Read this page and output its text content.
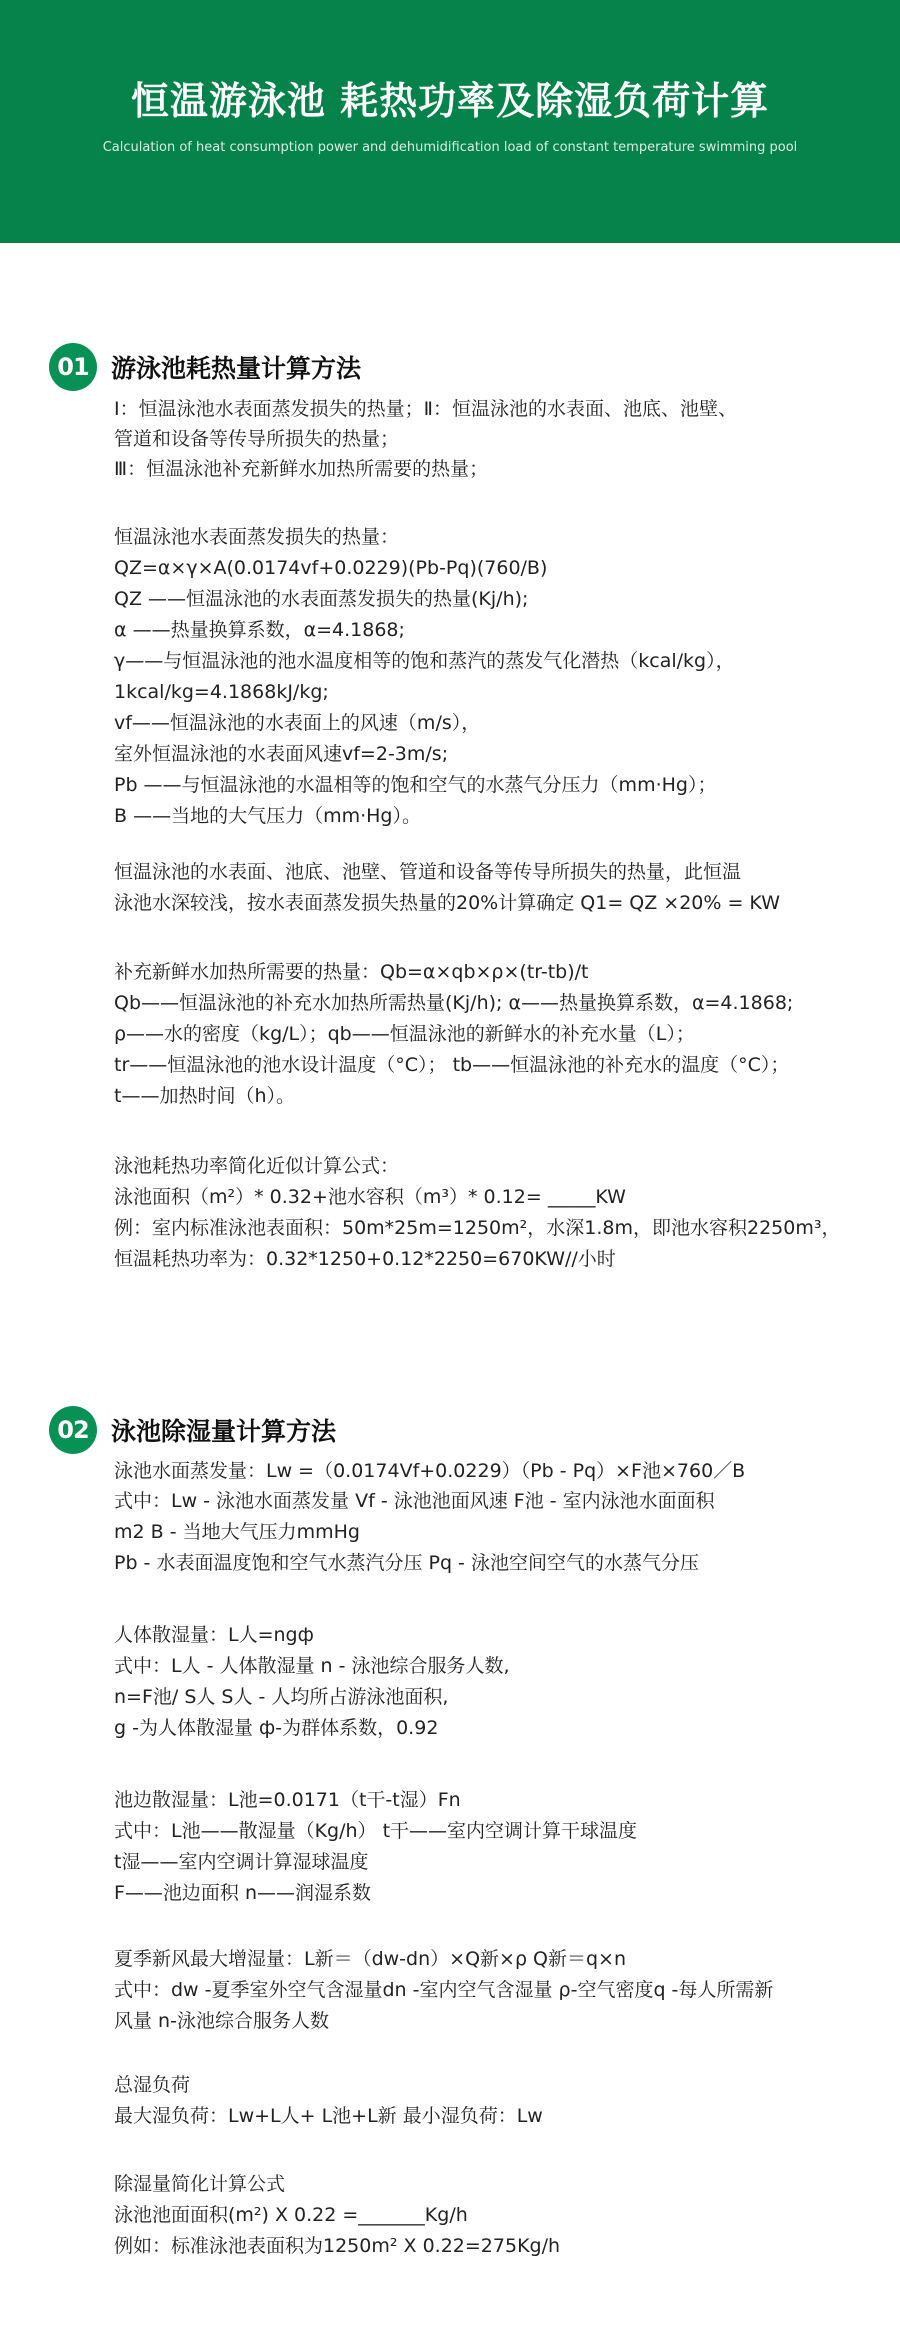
恒温游泳池 耗热功率及除湿负荷计算
Calculation of heat consumption power and dehumidification load of constant temperature swimming pool
01 游泳池耗热量计算方法
Ⅰ：恒温泳池水表面蒸发损失的热量；Ⅱ：恒温泳池的水表面、池底、池壁、
管道和设备等传导所损失的热量；
Ⅲ：恒温泳池补充新鲜水加热所需要的热量；
恒温泳池水表面蒸发损失的热量：
QZ=α×γ×A(0.0174vf+0.0229)(Pb-Pq)(760/B)
QZ ——恒温泳池的水表面蒸发损失的热量(Kj/h);
α ——热量换算系数，α=4.1868;
γ——与恒温泳池的池水温度相等的饱和蒸汽的蒸发气化潜热（kcal/kg），
1kcal/kg=4.1868kJ/kg;
vf——恒温泳池的水表面上的风速（m/s），
室外恒温泳池的水表面风速vf=2-3m/s;
Pb ——与恒温泳池的水温相等的饱和空气的水蒸气分压力（mm·Hg）；
B ——当地的大气压力（mm·Hg）。
恒温泳池的水表面、池底、池壁、管道和设备等传导所损失的热量，此恒温
泳池水深较浅，按水表面蒸发损失热量的20%计算确定 Q1= QZ ×20% = KW
补充新鲜水加热所需要的热量：Qb=α×qb×ρ×(tr-tb)/t
Qb——恒温泳池的补充水加热所需热量(Kj/h); α——热量换算系数，α=4.1868;
ρ——水的密度（kg/L）；qb——恒温泳池的新鲜水的补充水量（L）；
tr——恒温泳池的池水设计温度（°C）； tb——恒温泳池的补充水的温度（°C）；
t——加热时间（h）。
泳池耗热功率简化近似计算公式：
泳池面积（m²）* 0.32+池水容积（m³）* 0.12= _____KW
例：室内标准泳池表面积：50m*25m=1250m²，水深1.8m，即池水容积2250m³，
恒温耗热功率为：0.32*1250+0.12*2250=670KW//小时
02 泳池除湿量计算方法
泳池水面蒸发量：Lw =（0.0174Vf+0.0229）（Pb - Pq）×F池×760／B
式中：Lw - 泳池水面蒸发量 Vf - 泳池池面风速 F池 - 室内泳池水面面积
m2 B - 当地大气压力mmHg
Pb - 水表面温度饱和空气水蒸汽分压 Pq - 泳池空间空气的水蒸气分压
人体散湿量：L人=ngф
式中：L人 - 人体散湿量 n - 泳池综合服务人数,
n=F池/ S人 S人 - 人均所占游泳池面积,
g -为人体散湿量 ф-为群体系数，0.92
池边散湿量：L池=0.0171（t干-t湿）Fn
式中：L池——散湿量（Kg/h） t干——室内空调计算干球温度
t湿——室内空调计算湿球温度
F——池边面积 n——润湿系数
夏季新风最大增湿量：L新＝（dw-dn）×Q新×ρ Q新＝q×n
式中：dw -夏季室外空气含湿量dn -室内空气含湿量 ρ-空气密度q -每人所需新
风量 n-泳池综合服务人数
总湿负荷
最大湿负荷：Lw+L人+ L池+L新 最小湿负荷：Lw
除湿量简化计算公式
泳池池面面积(m²) X 0.22 =_______Kg/h
例如：标准泳池表面积为1250m² X 0.22=275Kg/h
